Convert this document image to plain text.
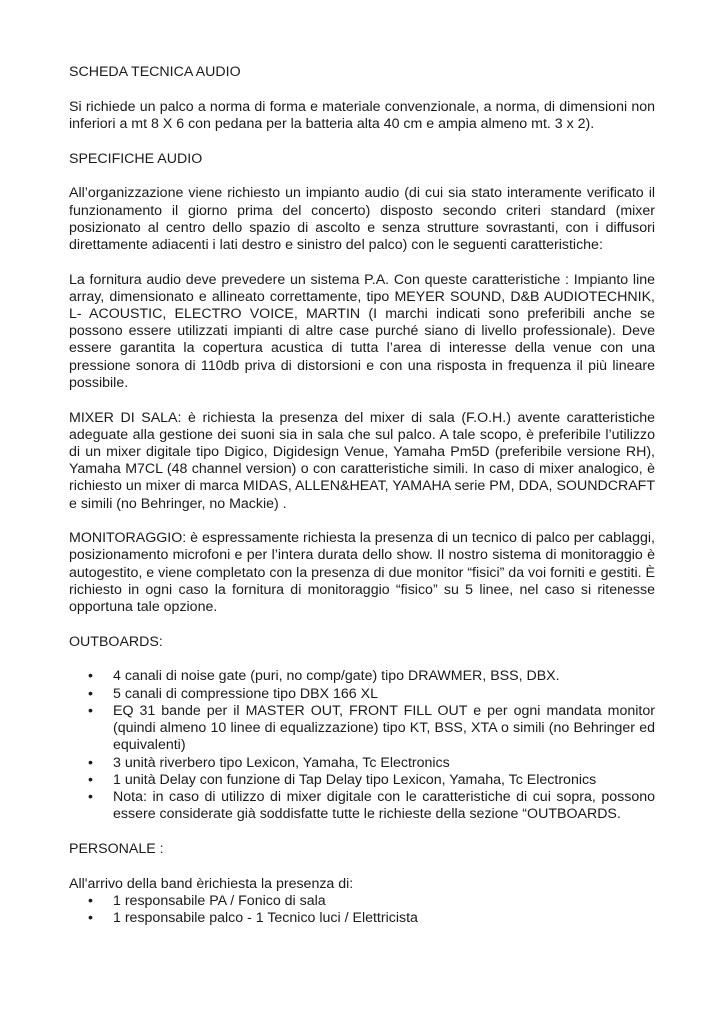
SCHEDA TECNICA AUDIO

Si richiede un palco a norma di forma e materiale convenzionale, a norma, di dimensioni non inferiori a mt 8 X 6 con pedana per la batteria alta 40 cm e ampia almeno mt. 3 x 2).

SPECIFICHE AUDIO

All’organizzazione viene richiesto un impianto audio (di cui sia stato interamente verificato il funzionamento il giorno prima del concerto) disposto secondo criteri standard (mixer posizionato al centro dello spazio di ascolto e senza strutture sovrastanti, con i diffusori direttamente adiacenti i lati destro e sinistro del palco) con le seguenti caratteristiche:

La fornitura audio deve prevedere un sistema P.A. Con queste caratteristiche : Impianto line array, dimensionato e allineato correttamente, tipo MEYER SOUND, D&B AUDIOTECHNIK, L- ACOUSTIC, ELECTRO VOICE, MARTIN (I marchi indicati sono preferibili anche se possono essere utilizzati impianti di altre case purché siano di livello professionale). Deve essere garantita la copertura acustica di tutta l’area di interesse della venue con una pressione sonora di 110db priva di distorsioni e con una risposta in frequenza il più lineare possibile.

MIXER DI SALA: è richiesta la presenza del mixer di sala (F.O.H.) avente caratteristiche adeguate alla gestione dei suoni sia in sala che sul palco. A tale scopo, è preferibile l’utilizzo di un mixer digitale tipo Digico, Digidesign Venue, Yamaha Pm5D (preferibile versione RH), Yamaha M7CL (48 channel version) o con caratteristiche simili. In caso di mixer analogico, è richiesto un mixer di marca MIDAS, ALLEN&HEAT, YAMAHA serie PM, DDA, SOUNDCRAFT e simili (no Behringer, no Mackie) .

MONITORAGGIO: è espressamente richiesta la presenza di un tecnico di palco per cablaggi, posizionamento microfoni e per l’intera durata dello show. Il nostro sistema di monitoraggio è autogestito, e viene completato con la presenza di due monitor “fisici” da voi forniti e gestiti. È richiesto in ogni caso la fornitura di monitoraggio “fisico” su 5 linee, nel caso si ritenesse opportuna tale opzione.

OUTBOARDS:

• 4 canali di noise gate (puri, no comp/gate) tipo DRAWMER, BSS, DBX.
• 5 canali di compressione tipo DBX 166 XL
• EQ 31 bande per il MASTER OUT, FRONT FILL OUT e per ogni mandata monitor (quindi almeno 10 linee di equalizzazione) tipo KT, BSS, XTA o simili (no Behringer ed equivalenti)
• 3 unità riverbero tipo Lexicon, Yamaha, Tc Electronics
• 1 unità Delay con funzione di Tap Delay tipo Lexicon, Yamaha, Tc Electronics
• Nota: in caso di utilizzo di mixer digitale con le caratteristiche di cui sopra, possono essere considerate già soddisfatte tutte le richieste della sezione “OUTBOARDS.

PERSONALE :

All'arrivo della band èrichiesta la presenza di:

• 1 responsabile PA / Fonico di sala
• 1 responsabile palco - 1 Tecnico luci / Elettricista
